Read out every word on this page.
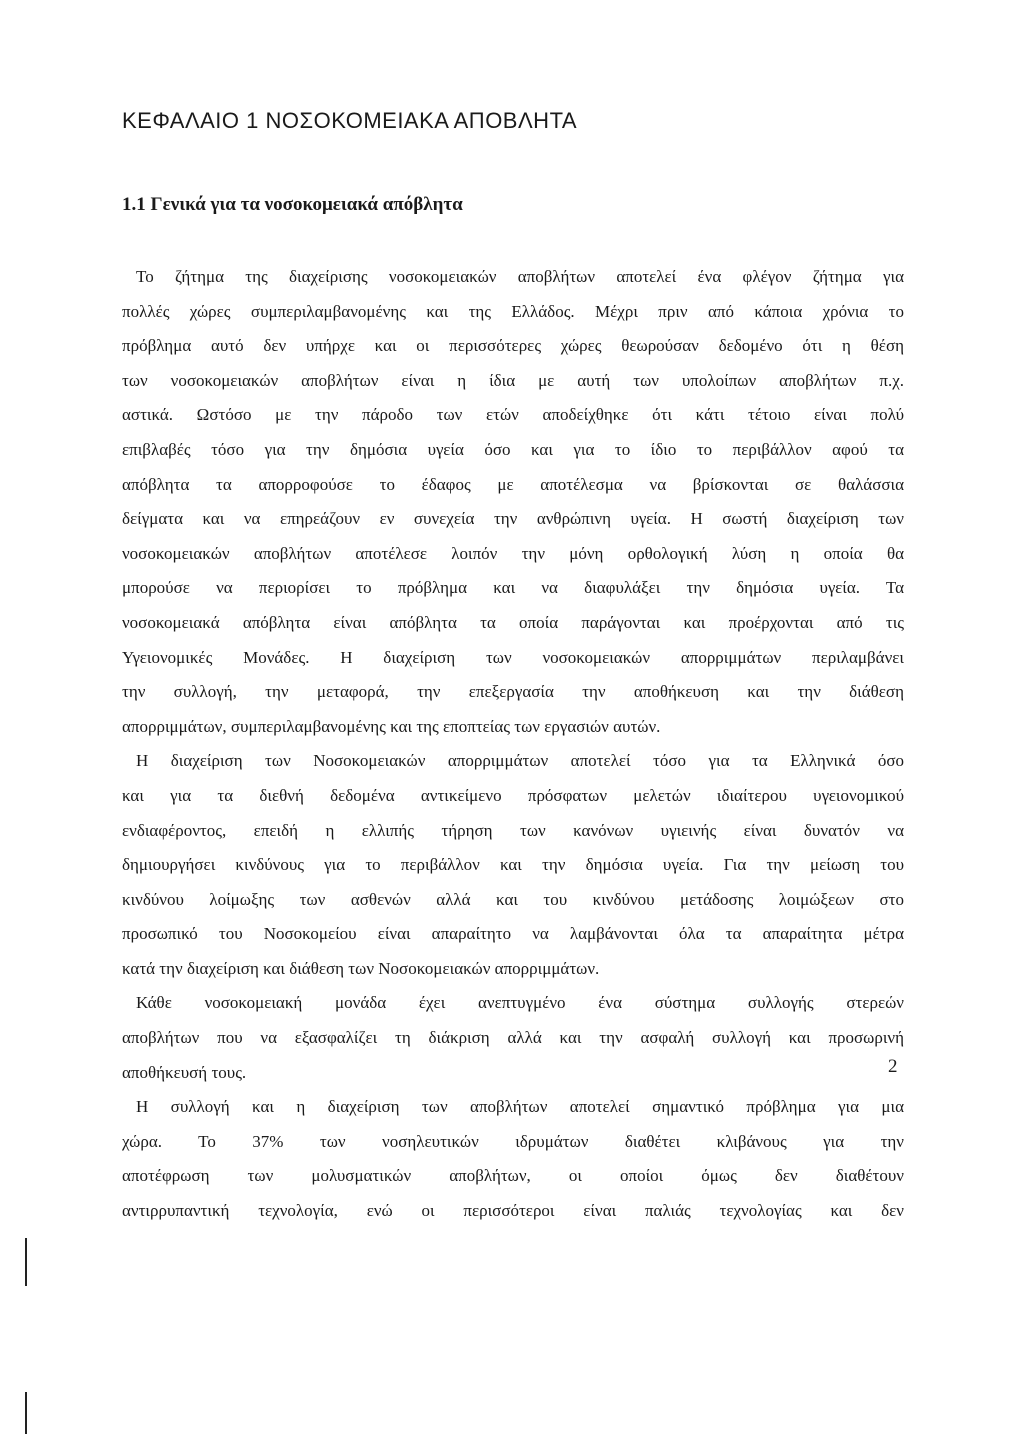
ΚΕΦΑΛΑΙΟ 1 ΝΟΣΟΚΟΜΕΙΑΚΑ ΑΠΟΒΛΗΤΑ
1.1 Γενικά για τα νοσοκομειακά απόβλητα
Το ζήτημα της διαχείρισης νοσοκομειακών αποβλήτων αποτελεί ένα φλέγον ζήτημα για
πολλές χώρες συμπεριλαμβανομένης και της Ελλάδος. Μέχρι πριν από κάποια χρόνια το
πρόβλημα αυτό δεν υπήρχε και οι περισσότερες χώρες θεωρούσαν δεδομένο ότι η θέση
των νοσοκομειακών αποβλήτων είναι η ίδια με αυτή των υπολοίπων αποβλήτων π.χ.
αστικά. Ωστόσο με την πάροδο των ετών αποδείχθηκε ότι κάτι τέτοιο είναι πολύ
επιβλαβές τόσο για την δημόσια υγεία όσο και για το ίδιο το περιβάλλον αφού τα
απόβλητα τα απορροφούσε το έδαφος με αποτέλεσμα να βρίσκονται σε θαλάσσια
δείγματα και να επηρεάζουν εν συνεχεία την ανθρώπινη υγεία. Η σωστή διαχείριση των
νοσοκομειακών αποβλήτων αποτέλεσε λοιπόν την μόνη ορθολογική λύση η οποία θα
μπορούσε να περιορίσει το πρόβλημα και να διαφυλάξει την δημόσια υγεία. Τα
νοσοκομειακά απόβλητα είναι απόβλητα τα οποία παράγονται και προέρχονται από τις
Υγειονομικές Μονάδες. Η διαχείριση των νοσοκομειακών απορριμμάτων περιλαμβάνει
την συλλογή, την μεταφορά, την επεξεργασία την αποθήκευση και την διάθεση
απορριμμάτων, συμπεριλαμβανομένης και της εποπτείας των εργασιών αυτών.
Η διαχείριση των Νοσοκομειακών απορριμμάτων αποτελεί τόσο για τα Ελληνικά όσο
και για τα διεθνή δεδομένα αντικείμενο πρόσφατων μελετών ιδιαίτερου υγειονομικού
ενδιαφέροντος, επειδή η ελλιπής τήρηση των κανόνων υγιεινής είναι δυνατόν να
δημιουργήσει κινδύνους για το περιβάλλον και την δημόσια υγεία. Για την μείωση του
κινδύνου λοίμωξης των ασθενών αλλά και του κινδύνου μετάδοσης λοιμώξεων στο
προσωπικό του Νοσοκομείου είναι απαραίτητο να λαμβάνονται όλα τα απαραίτητα μέτρα
κατά την διαχείριση και διάθεση των Νοσοκομειακών απορριμμάτων.
Κάθε νοσοκομειακή μονάδα έχει ανεπτυγμένο ένα σύστημα συλλογής στερεών
αποβλήτων που να εξασφαλίζει τη διάκριση αλλά και την ασφαλή συλλογή και προσωρινή
αποθήκευσή τους.
Η συλλογή και η διαχείριση των αποβλήτων αποτελεί σημαντικό πρόβλημα για μια
χώρα. Το 37% των νοσηλευτικών ιδρυμάτων διαθέτει κλιβάνους για την
αποτέφρωση των μολυσματικών αποβλήτων, οι οποίοι όμως δεν διαθέτουν
αντιρρυπαντική τεχνολογία, ενώ οι περισσότεροι είναι παλιάς τεχνολογίας και δεν
2
